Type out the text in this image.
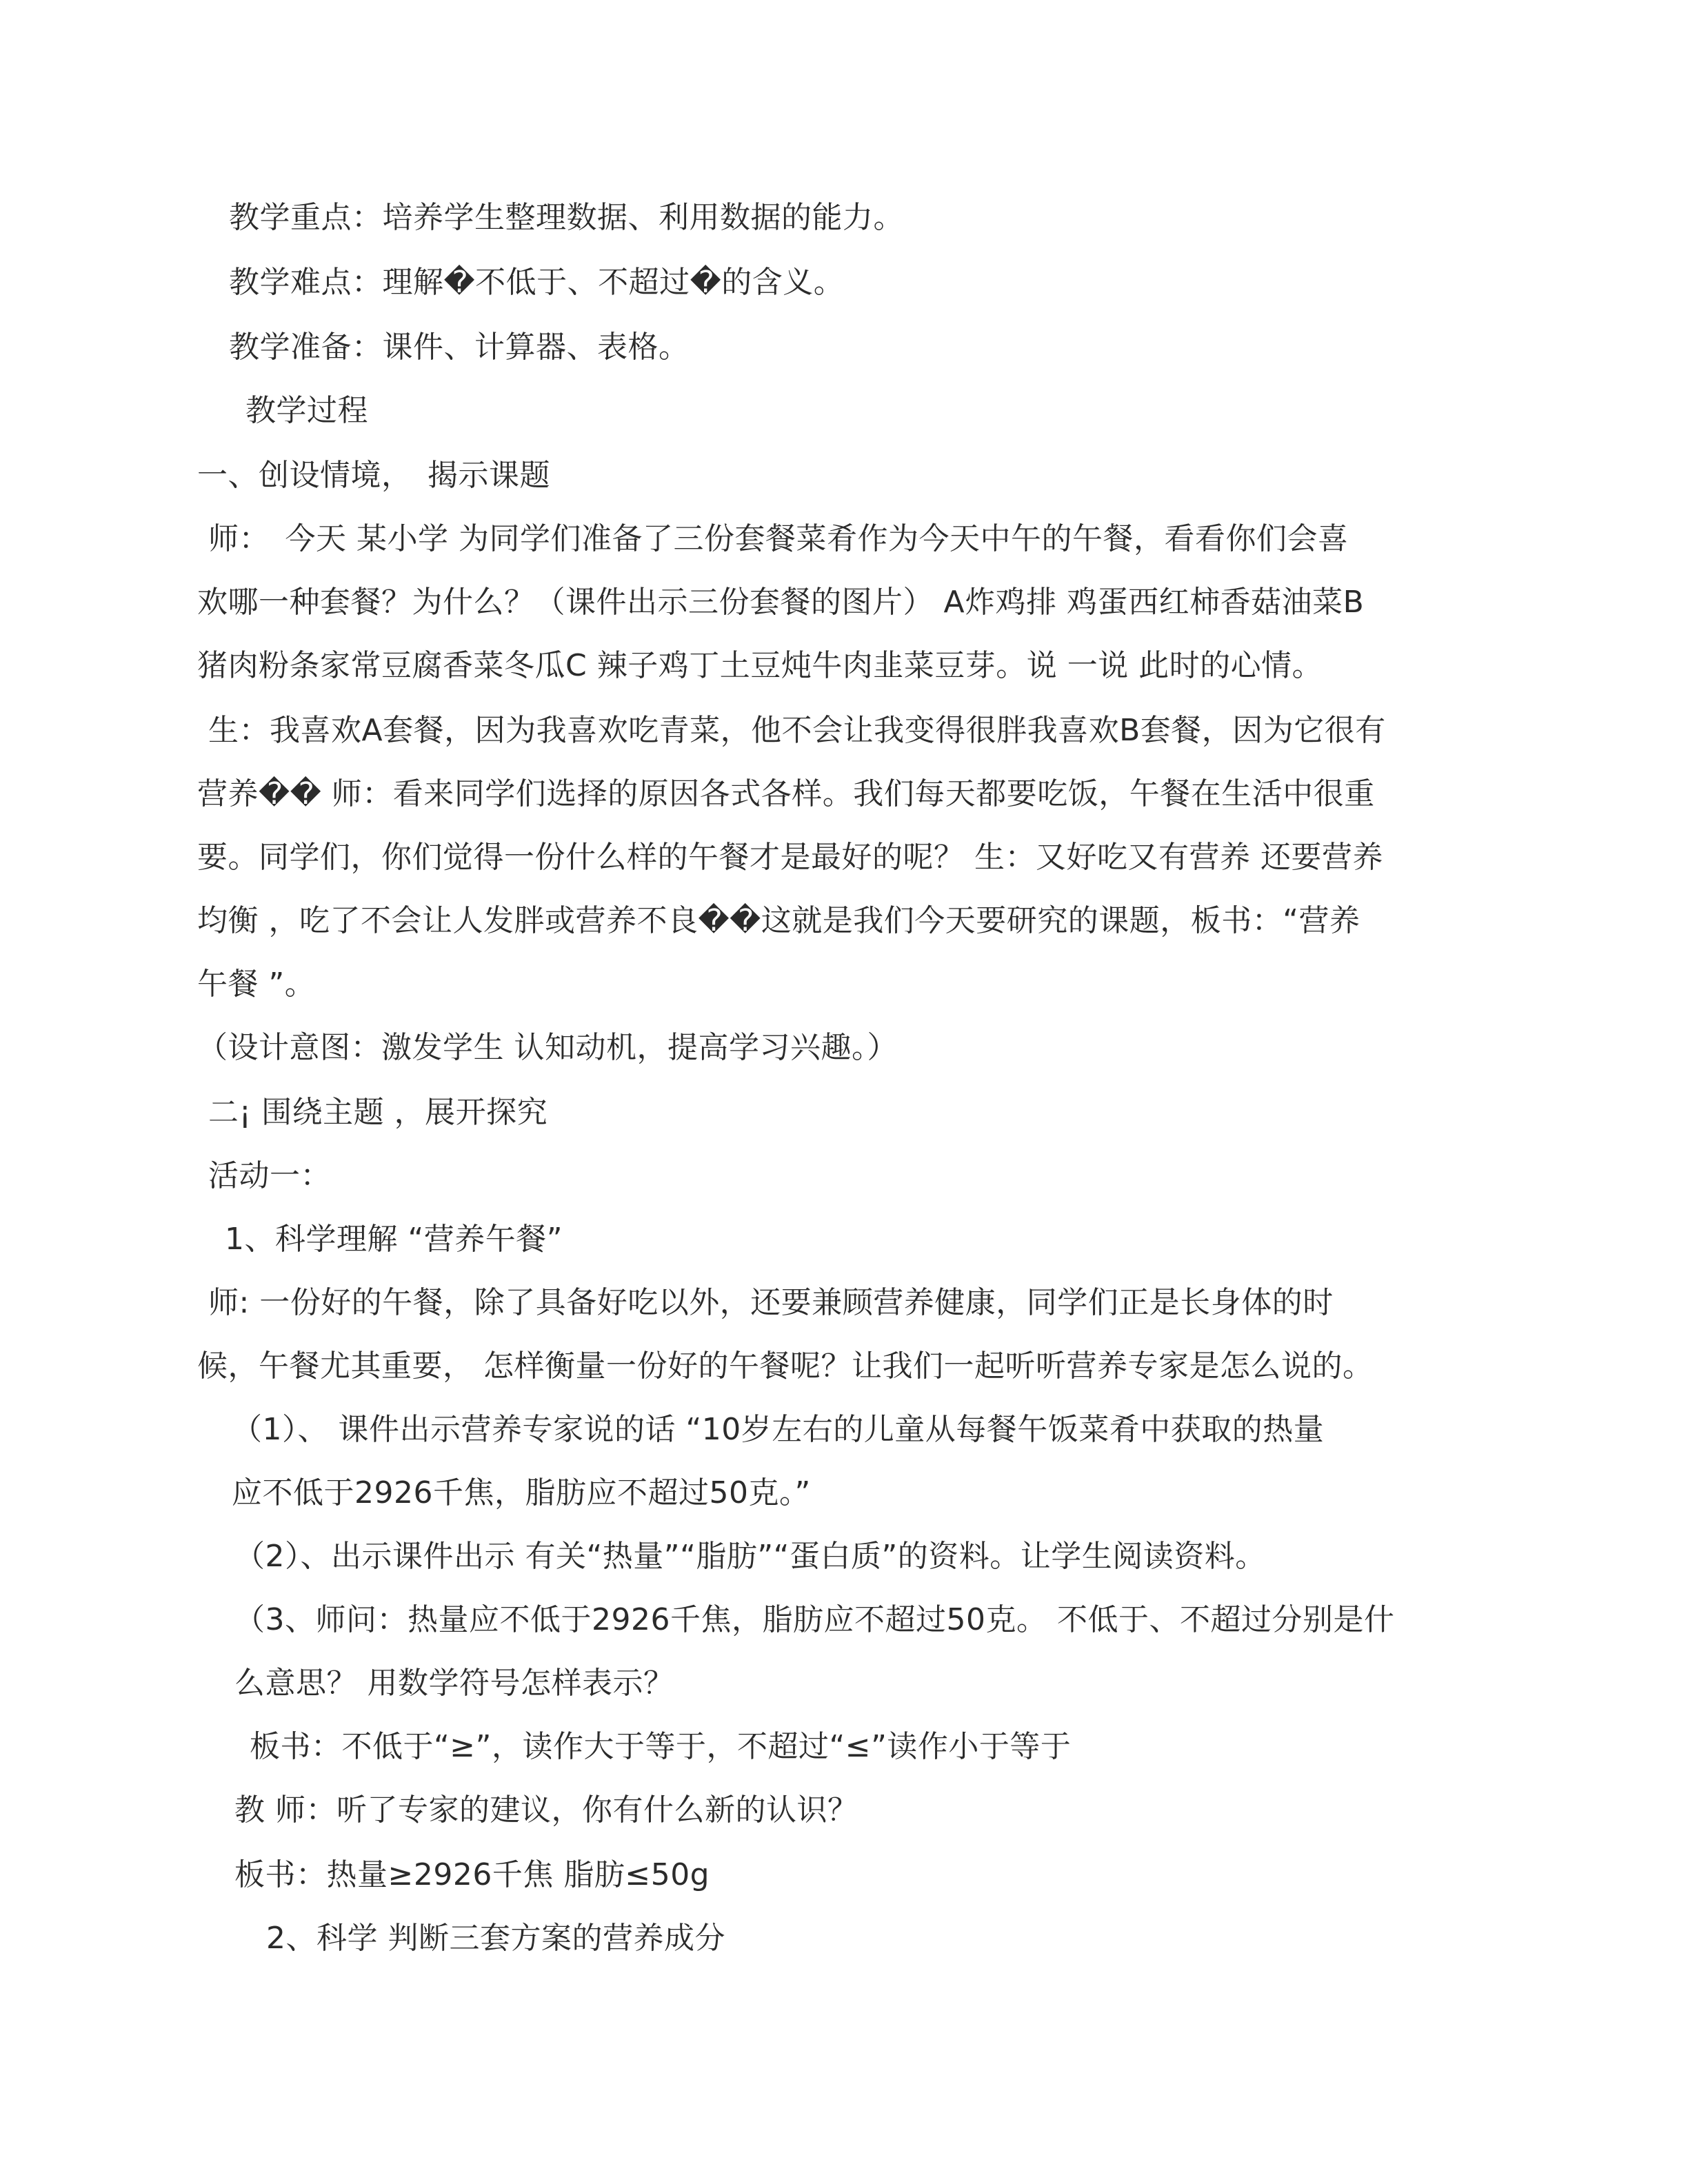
教学重点：培养学生整理数据、利用数据的能力。
教学难点：理解�不低于、不超过�的含义。
教学准备：课件、计算器、表格。
教学过程
一、创设情境，　揭示课题
师：　今天 某小学 为同学们准备了三份套餐菜肴作为今天中午的午餐，看看你们会喜
欢哪一种套餐？为什么？（课件出示三份套餐的图片） A炸鸡排 鸡蛋西红柿香菇油菜B
猪肉粉条家常豆腐香菜冬瓜C 辣子鸡丁土豆炖牛肉韭菜豆芽。说 一说 此时的心情。
生：我喜欢A套餐，因为我喜欢吃青菜，他不会让我变得很胖我喜欢B套餐，因为它很有
营养�� 师：看来同学们选择的原因各式各样。我们每天都要吃饭，午餐在生活中很重
要。同学们，你们觉得一份什么样的午餐才是最好的呢？ 生：又好吃又有营养 还要营养
均衡 ，吃了不会让人发胖或营养不良��这就是我们今天要研究的课题，板书：“营养
午餐 ”。
（设计意图：激发学生 认知动机，提高学习兴趣。）
二¡ 围绕主题 ，展开探究
活动一：
1、科学理解 “营养午餐”
师: 一份好的午餐，除了具备好吃以外，还要兼顾营养健康，同学们正是长身体的时
候，午餐尤其重要， 怎样衡量一份好的午餐呢？让我们一起听听营养专家是怎么说的。
（1）、 课件出示营养专家说的话 “10岁左右的儿童从每餐午饭菜肴中获取的热量
应不低于2926千焦，脂肪应不超过50克。”
（2）、出示课件出示 有关“热量”“脂肪”“蛋白质”的资料。让学生阅读资料。
（3、师问：热量应不低于2926千焦，脂肪应不超过50克。 不低于、不超过分别是什
么意思？ 用数学符号怎样表示？
板书：不低于“≥”，读作大于等于，不超过“≤”读作小于等于
教 师：听了专家的建议，你有什么新的认识？
板书：热量≥2926千焦 脂肪≤50g
2、科学 判断三套方案的营养成分
